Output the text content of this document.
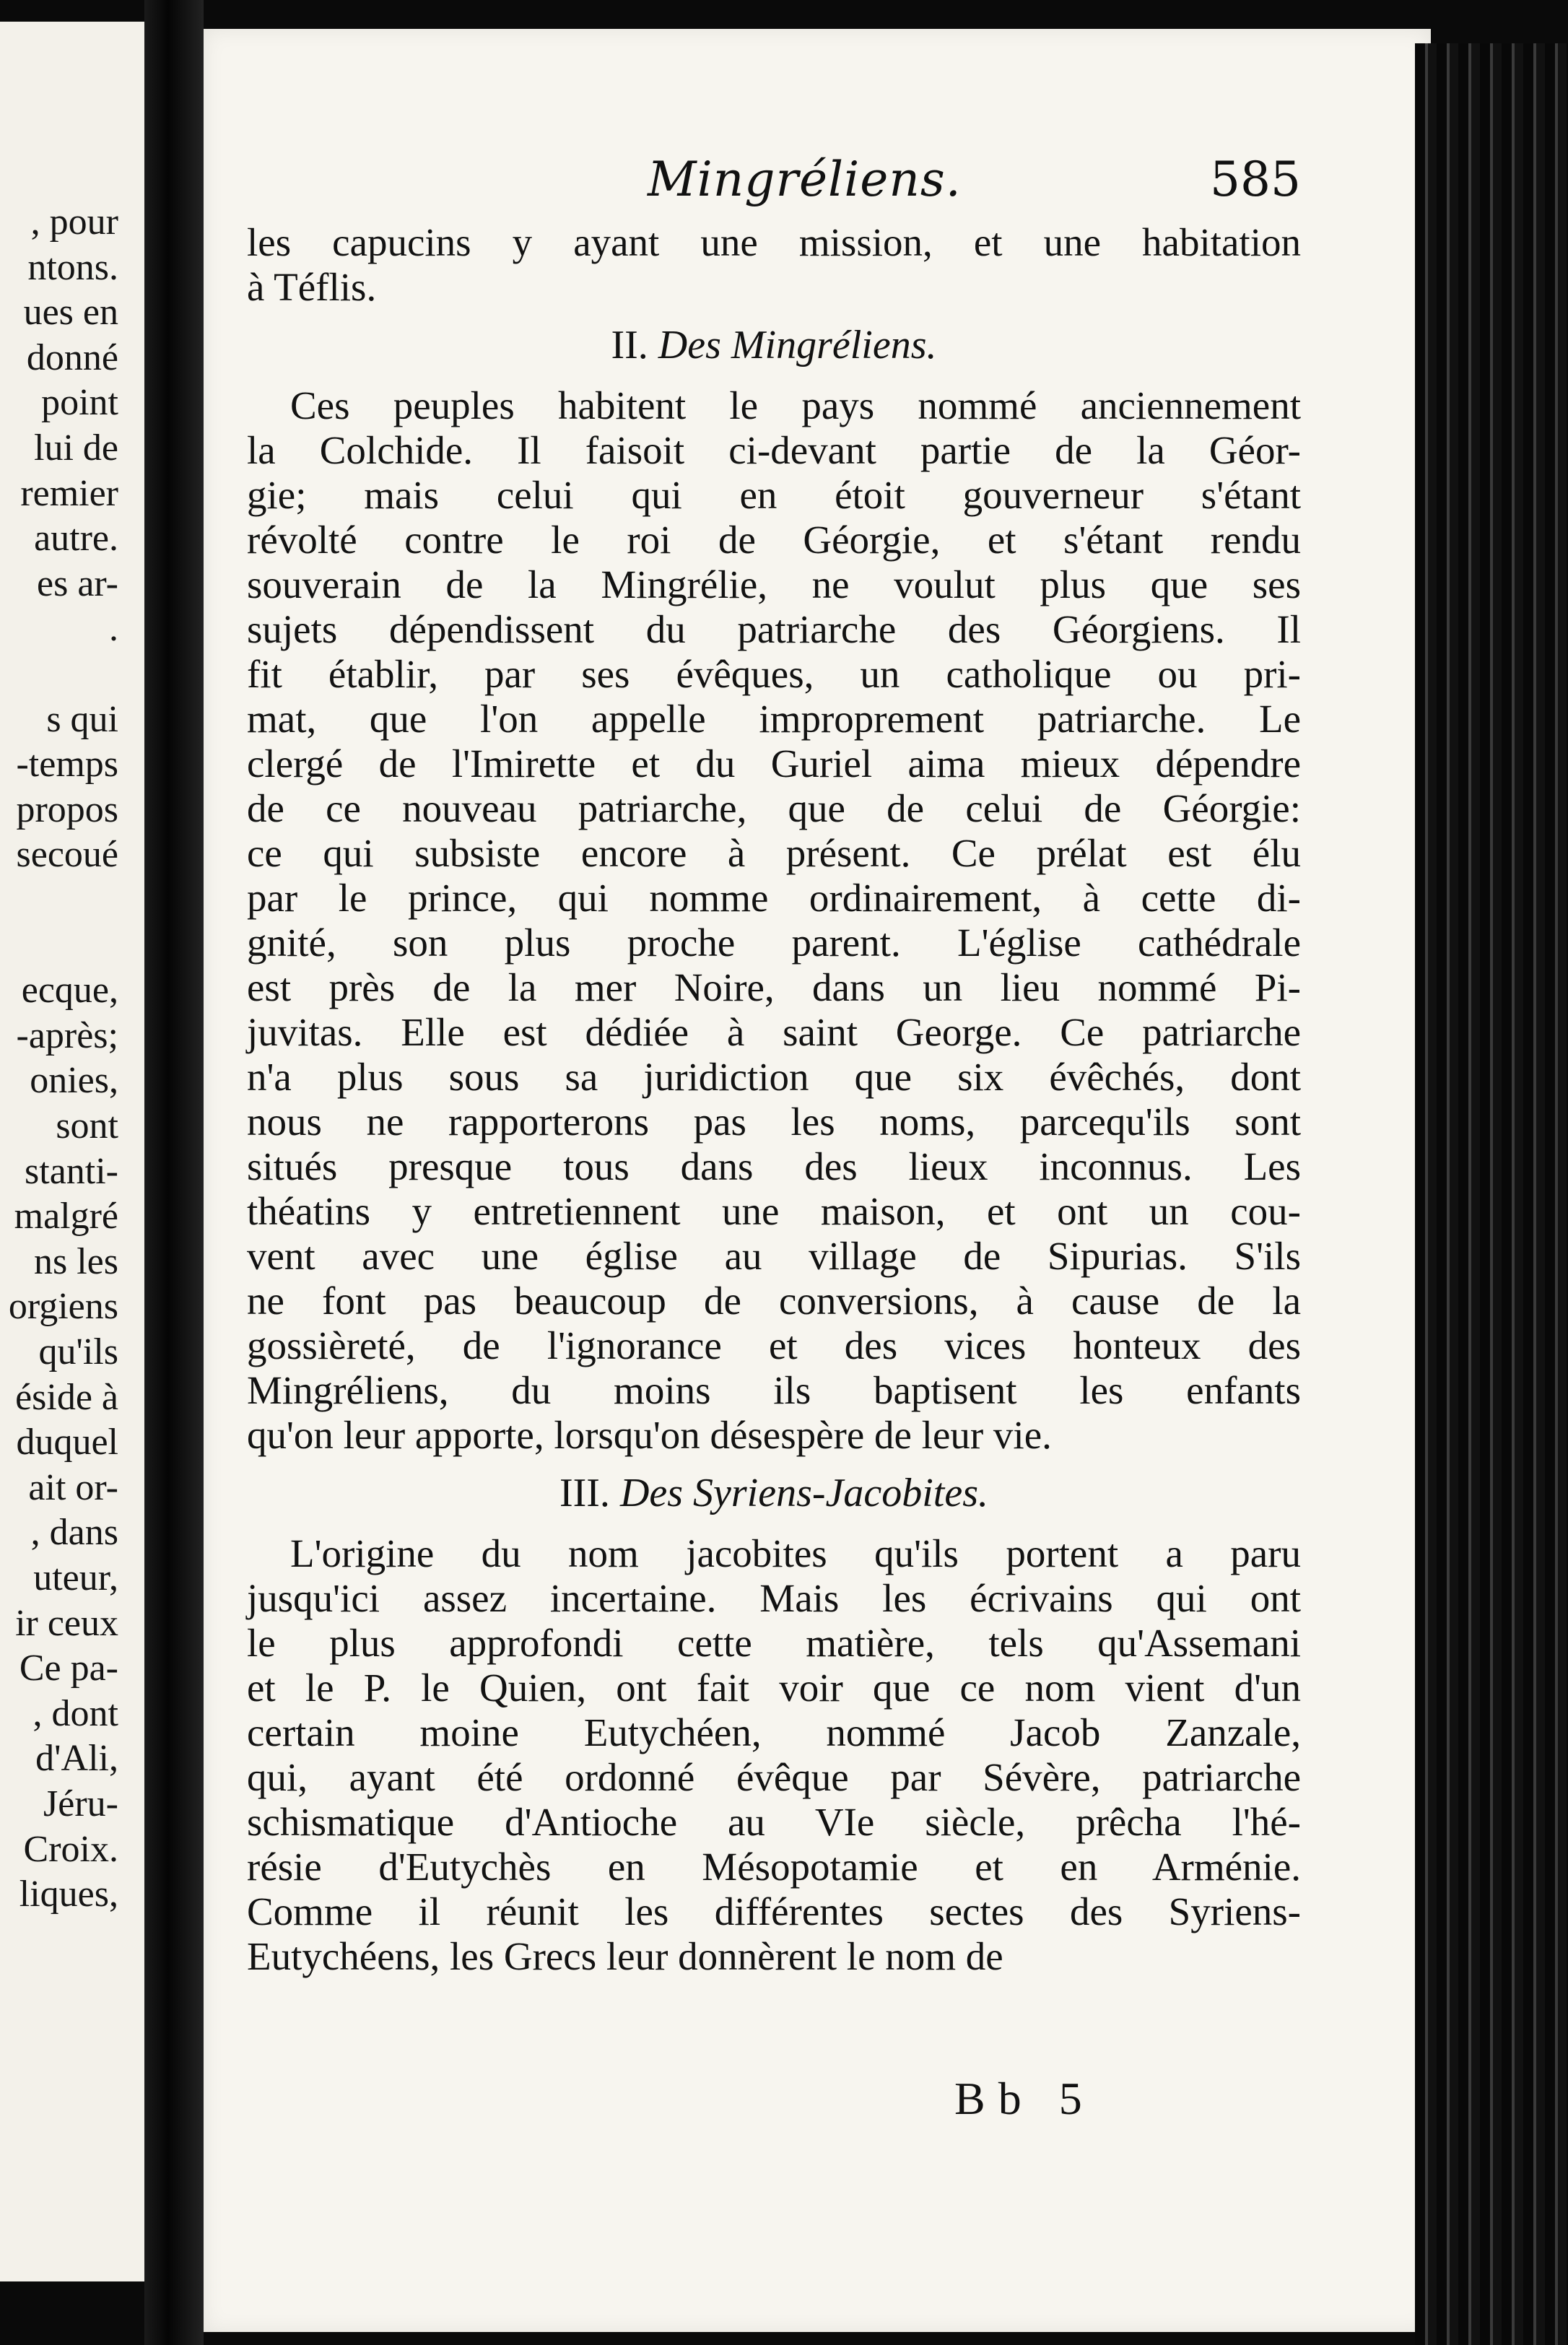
, pour
ntons.
ues en
donné
point
lui de
remier
autre.
es ar-
.
s qui
-temps
propos
secoué
ecque,
-après;
onies,
sont
stanti-
malgré
ns les
orgiens
qu'ils
éside à
duquel
ait or-
, dans
uteur,
ir ceux
Ce pa-
, dont
d'Ali,
Jéru-
Croix.
liques,
Mingréliens.	585
les capucins y ayant une mission, et une habitation
à Téflis.
II. Des Mingréliens.
Ces peuples habitent le pays nommé anciennement
la Colchide. Il faisoit ci-devant partie de la Géor-
gie; mais celui qui en étoit gouverneur s'étant
révolté contre le roi de Géorgie, et s'étant rendu
souverain de la Mingrélie, ne voulut plus que ses
sujets dépendissent du patriarche des Géorgiens. Il
fit établir, par ses évêques, un catholique ou pri-
mat, que l'on appelle improprement patriarche. Le
clergé de l'Imirette et du Guriel aima mieux dépendre
de ce nouveau patriarche, que de celui de Géorgie:
ce qui subsiste encore à présent. Ce prélat est élu
par le prince, qui nomme ordinairement, à cette di-
gnité, son plus proche parent. L'église cathédrale
est près de la mer Noire, dans un lieu nommé Pi-
juvitas. Elle est dédiée à saint George. Ce patriarche
n'a plus sous sa juridiction que six évêchés, dont
nous ne rapporterons pas les noms, parcequ'ils sont
situés presque tous dans des lieux inconnus. Les
théatins y entretiennent une maison, et ont un cou-
vent avec une église au village de Sipurias. S'ils
ne font pas beaucoup de conversions, à cause de la
gossièreté, de l'ignorance et des vices honteux des
Mingréliens, du moins ils baptisent les enfants
qu'on leur apporte, lorsqu'on désespère de leur vie.
III. Des Syriens-Jacobites.
L'origine du nom jacobites qu'ils portent a paru
jusqu'ici assez incertaine. Mais les écrivains qui ont
le plus approfondi cette matière, tels qu'Assemani
et le P. le Quien, ont fait voir que ce nom vient d'un
certain moine Eutychéen, nommé Jacob Zanzale,
qui, ayant été ordonné évêque par Sévère, patriarche
schismatique d'Antioche au VIe siècle, prêcha l'hé-
résie d'Eutychès en Mésopotamie et en Arménie.
Comme il réunit les différentes sectes des Syriens-
Eutychéens, les Grecs leur donnèrent le nom de
Bb 5
